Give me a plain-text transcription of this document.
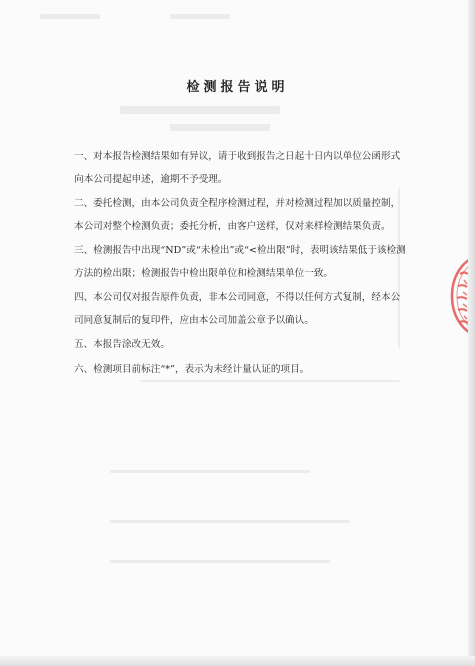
检测报告说明

一、对本报告检测结果如有异议，请于收到报告之日起十日内以单位公函形式向本公司提起申述，逾期不予受理。

二、委托检测，由本公司负责全程序检测过程，并对检测过程加以质量控制，本公司对整个检测负责；委托分析，由客户送样，仅对来样检测结果负责。

三、检测报告中出现“ND”或“未检出”或“<检出限”时，表明该结果低于该检测方法的检出限；检测报告中检出限单位和检测结果单位一致。

四、本公司仅对报告原件负责，非本公司同意，不得以任何方式复制，经本公司同意复制后的复印件，应由本公司加盖公章予以确认。

五、本报告涂改无效。

六、检测项目前标注“*”，表示为未经计量认证的项目。
